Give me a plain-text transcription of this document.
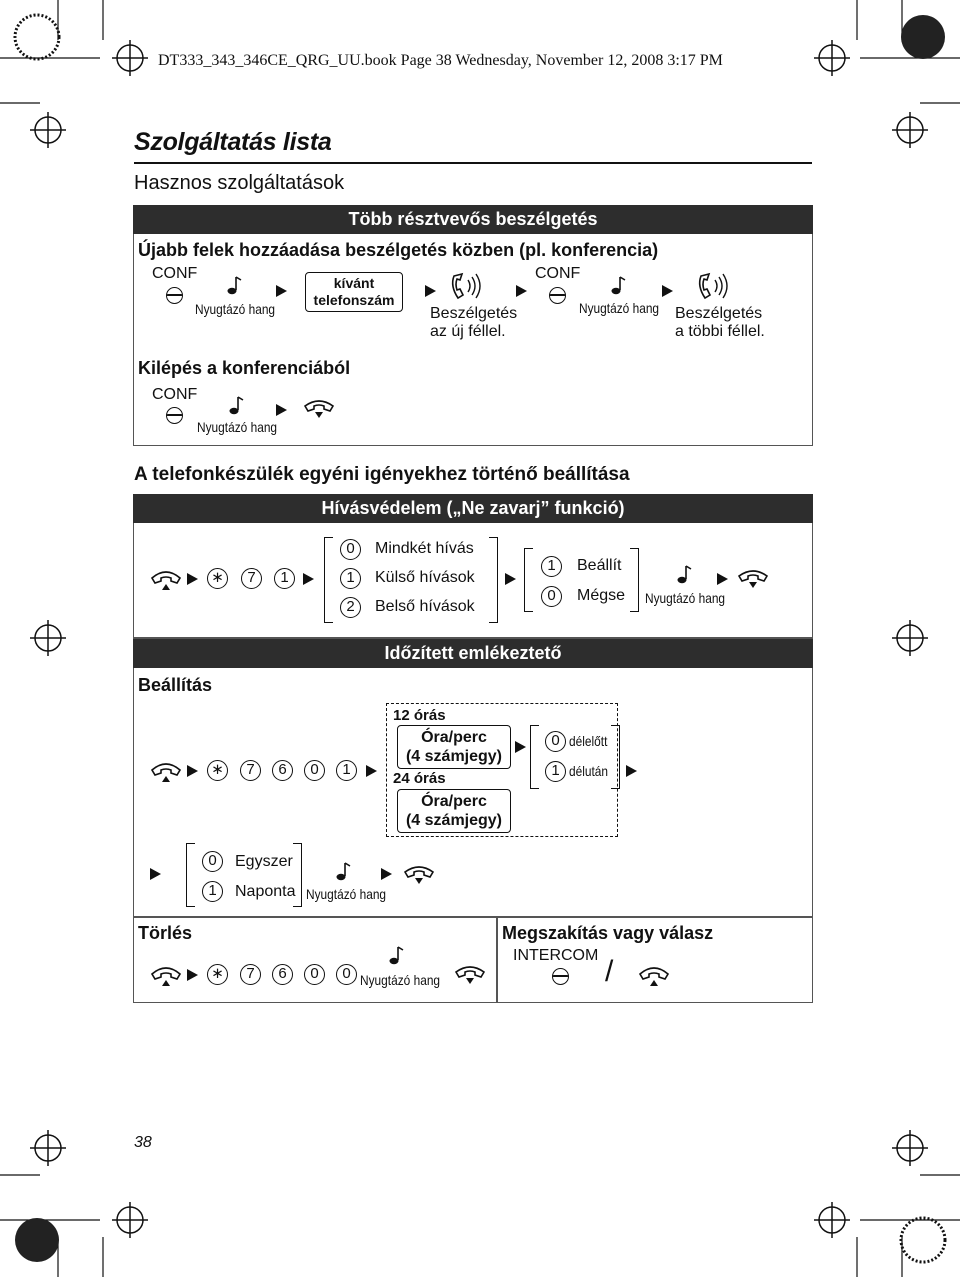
DT333_343_346CE_QRG_UU.book Page 38 Wednesday, November 12, 2008 3:17 PM
Szolgáltatás lista
Hasznos szolgáltatások
Több résztvevős beszélgetés
Újabb felek hozzáadása beszélgetés közben (pl. konferencia)
CONF
Nyugtázó hang
kívánt telefonszám
Beszélgetés
az új féllel.
CONF
Nyugtázó hang Beszélgetés
a többi féllel.
Kilépés a konferenciából
CONF
Nyugtázó hang
A telefonkészülék egyéni igényekhez történő beállítása
Hívásvédelem („Ne zavarj” funkció)
∗	7	1
0	Mindkét hívás
1	Külső hívások
2	Belső hívások
1	Beállít
0	Mégse Nyugtázó hang
Időzített emlékeztető
Beállítás
∗	7	6	0	1
12 órás
Óra/perc
(4 számjegy)
24 órás
Óra/perc
(4 számjegy)
0 délelőtt
1 délután
0	Egyszer
1	Naponta Nyugtázó hang
Törlés
∗	7	6	0	0 Nyugtázó hang
Megszakítás vagy válasz
INTERCOM /
38
